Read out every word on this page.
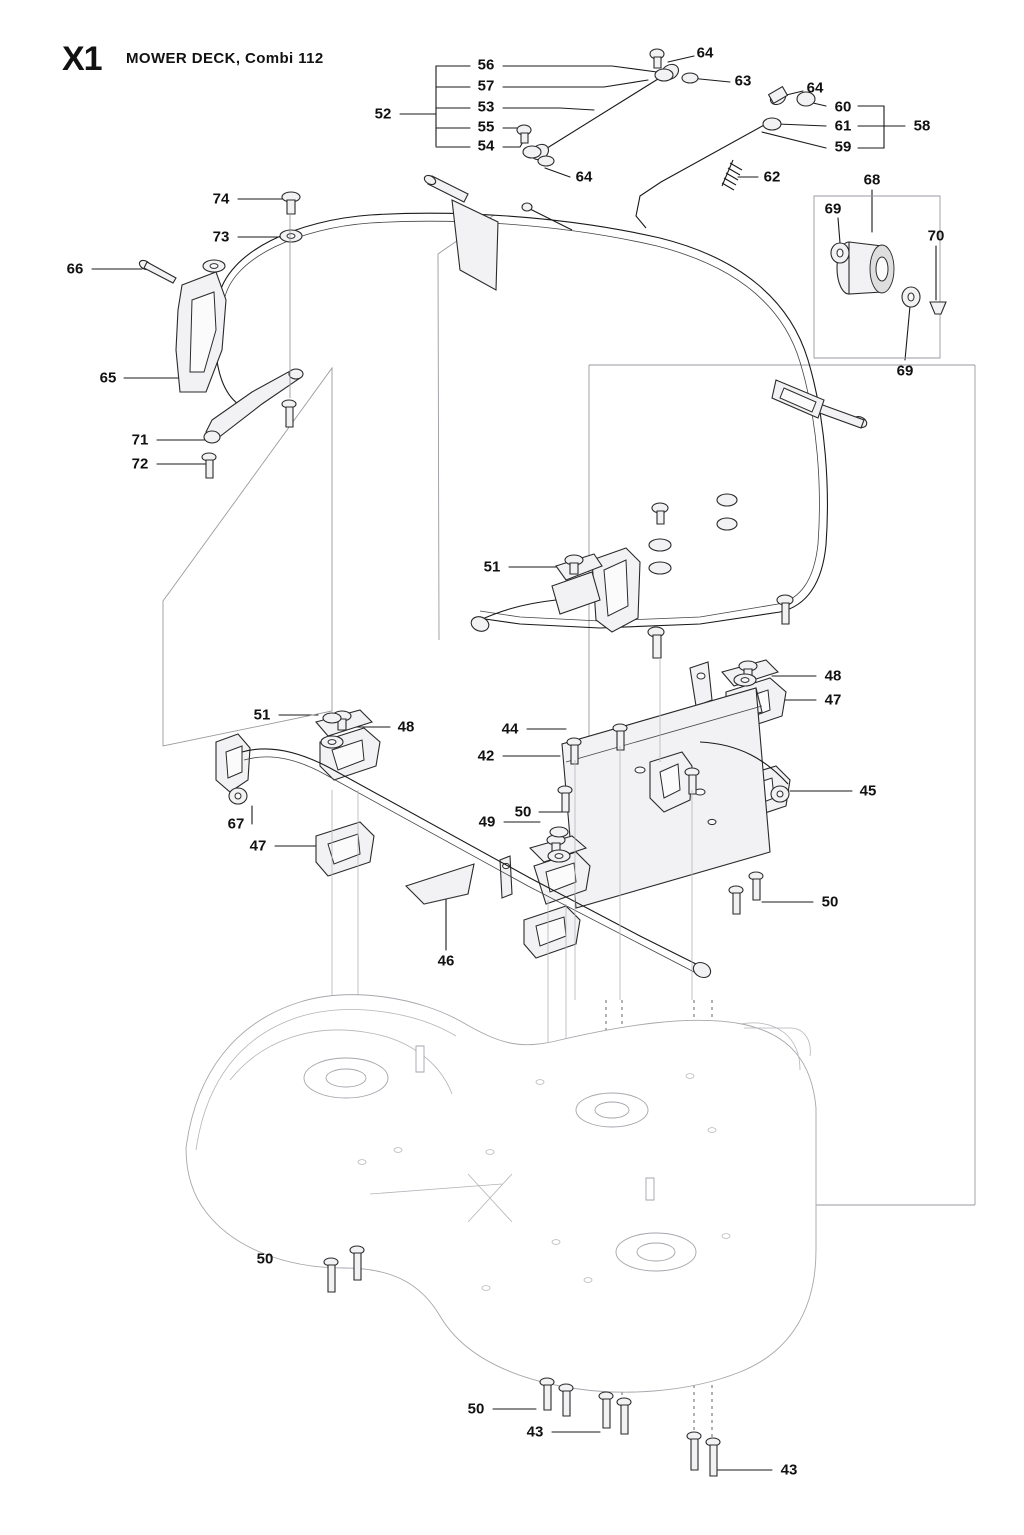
X1 MOWER DECK, Combi 112	64
56
63
57	64
53	60
52
55	61	58
54	59
64	62	68
74
69
73	70
66
65	69
71
72
51
48
47
51
48	44
42
45
67	49
50
47
50
46
50
50
43
43
